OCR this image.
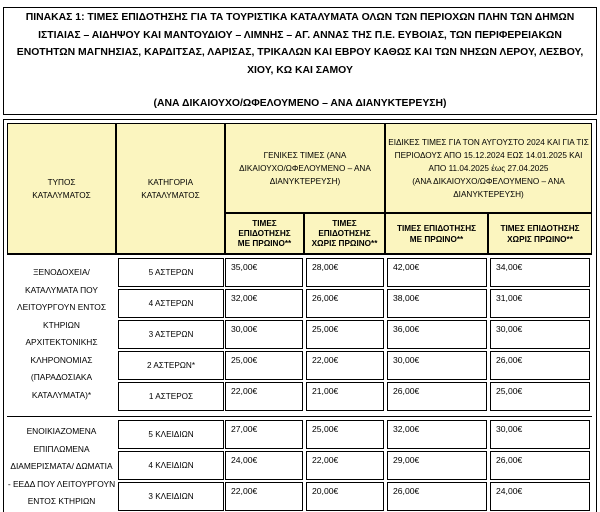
ΠΙΝΑΚΑΣ 1: ΤΙΜΕΣ ΕΠΙΔΟΤΗΣΗΣ ΓΙΑ ΤΑ ΤΟΥΡΙΣΤΙΚΑ ΚΑΤΑΛΥΜΑΤΑ ΟΛΩΝ ΤΩΝ ΠΕΡΙΟΧΩΝ ΠΛΗΝ ΤΩΝ ΔΗΜΩΝ
ΙΣΤΙΑΙΑΣ – ΑΙΔΗΨΟΥ ΚΑΙ ΜΑΝΤΟΥΔΙΟΥ – ΛΙΜΝΗΣ – ΑΓ. ΑΝΝΑΣ ΤΗΣ Π.Ε. ΕΥΒΟΙΑΣ, ΤΩΝ ΠΕΡΙΦΕΡΕΙΑΚΩΝ
ΕΝΟΤΗΤΩΝ ΜΑΓΝΗΣΙΑΣ, ΚΑΡΔΙΤΣΑΣ, ΛΑΡΙΣΑΣ, ΤΡΙΚΑΛΩΝ ΚΑΙ ΕΒΡΟΥ ΚΑΘΩΣ ΚΑΙ ΤΩΝ ΝΗΣΩΝ ΛΕΡΟΥ, ΛΕΣΒΟΥ,
ΧΙΟΥ, ΚΩ ΚΑΙ ΣΑΜΟΥ
(ΑΝΑ ΔΙΚΑΙΟΥΧΟ/ΩΦΕΛΟΥΜΕΝΟ – ΑΝΑ ΔΙΑΝΥΚΤΕΡΕΥΣΗ)
ΤΥΠΟΣ
ΚΑΤΑΛΥΜΑΤΟΣ
ΚΑΤΗΓΟΡΙΑ
ΚΑΤΑΛΥΜΑΤΟΣ
ΓΕΝΙΚΕΣ ΤΙΜΕΣ (ΑΝΑ
ΔΙΚΑΙΟΥΧΟ/ΩΦΕΛΟΥΜΕΝΟ – ΑΝΑ
ΔΙΑΝΥΚΤΕΡΕΥΣΗ)
ΕΙΔΙΚΕΣ ΤΙΜΕΣ ΓΙΑ ΤΟΝ ΑΥΓΟΥΣΤΟ 2024 ΚΑΙ ΓΙΑ ΤΙΣ
ΠΕΡΙΟΔΟΥΣ ΑΠΟ 15.12.2024 ΕΩΣ 14.01.2025 ΚΑΙ
ΑΠΟ 11.04.2025 έως 27.04.2025
(ΑΝΑ ΔΙΚΑΙΟΥΧΟ/ΩΦΕΛΟΥΜΕΝΟ – ΑΝΑ
ΔΙΑΝΥΚΤΕΡΕΥΣΗ)
ΤΙΜΕΣ
ΕΠΙΔΟΤΗΣΗΣ
ΜΕ ΠΡΩΙΝΟ**
ΤΙΜΕΣ
ΕΠΙΔΟΤΗΣΗΣ
ΧΩΡΙΣ ΠΡΩΙΝΟ**
ΤΙΜΕΣ ΕΠΙΔΟΤΗΣΗΣ
ΜΕ ΠΡΩΙΝΟ**
ΤΙΜΕΣ ΕΠΙΔΟΤΗΣΗΣ
ΧΩΡΙΣ ΠΡΩΙΝΟ**
ΞΕΝΟΔΟΧΕΙΑ/
ΚΑΤΑΛΥΜΑΤΑ ΠΟΥ
ΛΕΙΤΟΥΡΓΟΥΝ ΕΝΤΟΣ
ΚΤΗΡΙΩΝ ΑΡΧΙΤΕΚΤΟΝΙΚΗΣ
ΚΛΗΡΟΝΟΜΙΑΣ
(ΠΑΡΑΔΟΣΙΑΚΑ
ΚΑΤΑΛΥΜΑΤΑ)*
ΕΝΟΙΚΙΑΖΟΜΕΝΑ
ΕΠΙΠΛΩΜΕΝΑ
ΔΙΑΜΕΡΙΣΜΑΤΑ/ ΔΩΜΑΤΙΑ
- ΕΕΔΔ ΠΟΥ ΛΕΙΤΟΥΡΓΟΥΝ
ΕΝΤΟΣ ΚΤΗΡΙΩΝ
5 ΑΣΤΕΡΩΝ
35,00€	28,00€	42,00€	34,00€
4 ΑΣΤΕΡΩΝ
32,00€	26,00€	38,00€	31,00€
3 ΑΣΤΕΡΩΝ
30,00€	25,00€	36,00€	30,00€
2 ΑΣΤΕΡΩΝ*
25,00€	22,00€	30,00€	26,00€
1 ΑΣΤΕΡΟΣ
22,00€	21,00€	26,00€	25,00€
5 ΚΛΕΙΔΙΩΝ
27,00€	25,00€	32,00€	30,00€
4 ΚΛΕΙΔΙΩΝ
24,00€	22,00€	29,00€	26,00€
3 ΚΛΕΙΔΙΩΝ
22,00€	20,00€	26,00€	24,00€
